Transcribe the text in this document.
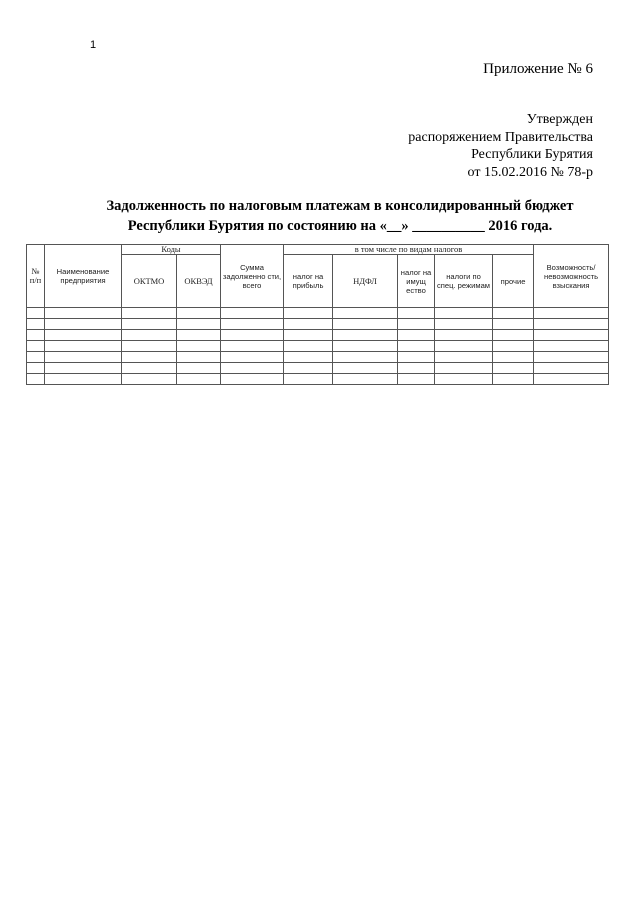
1
Приложение № 6
Утвержден
распоряжением Правительства
Республики Бурятия
от 15.02.2016 № 78-р
Задолженность по налоговым платежам в консолидированный бюджет
Республики Бурятия по состоянию на «__» __________ 2016 года.
№ п/п	Наименование предприятия	Коды		Сумма задолженно сти, всего	в том числе по видам налогов					Возможность/ невозможность взыскания
		ОКТМО	ОКВЭД		налог на прибыль	НДФЛ	налог на имущ ество	налоги по спец. режимам	прочие	
